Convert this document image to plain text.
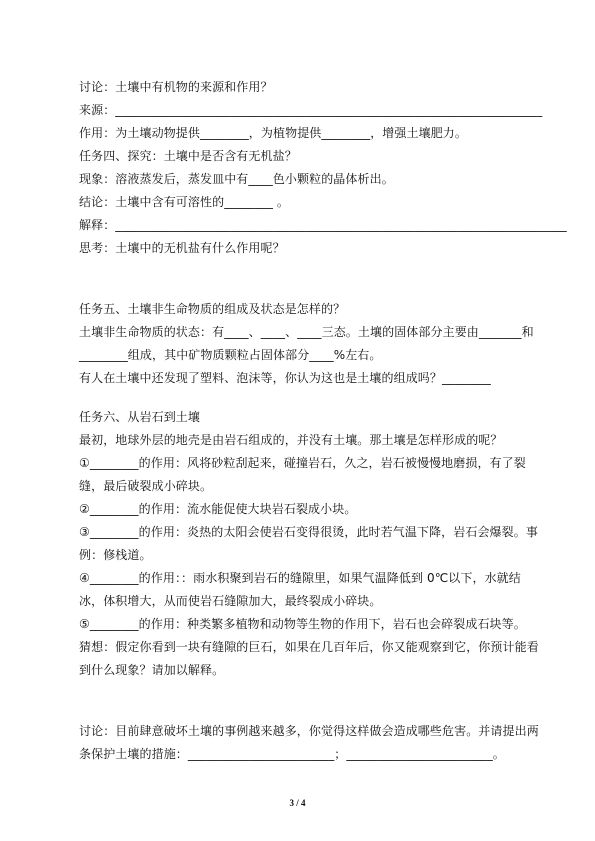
讨论：土壤中有机物的来源和作用？
来源：______________________________________________________________________
作用：为土壤动物提供________，为植物提供________，增强土壤肥力。
任务四、探究：土壤中是否含有无机盐？
现象：溶液蒸发后，蒸发皿中有____色小颗粒的晶体析出。
结论：土壤中含有可溶性的________ 。
解释：__________________________________________________________________________
思考：土壤中的无机盐有什么作用呢？
任务五、土壤非生命物质的组成及状态是怎样的？
土壤非生命物质的状态：有____、____、____三态。土壤的固体部分主要由_______和
________组成，其中矿物质颗粒占固体部分____%左右。
有人在土壤中还发现了塑料、泡沫等，你认为这也是土壤的组成吗？________
任务六、从岩石到土壤
最初，地球外层的地壳是由岩石组成的，并没有土壤。那土壤是怎样形成的呢？
①________的作用：风将砂粒刮起来，碰撞岩石，久之，岩石被慢慢地磨损，有了裂
缝，最后破裂成小碎块。
②________的作用：流水能促使大块岩石裂成小块。
③________的作用：炎热的太阳会使岩石变得很烫，此时若气温下降，岩石会爆裂。事
例：修栈道。
④________的作用：：雨水积聚到岩石的缝隙里，如果气温降低到 0℃以下，水就结
冰，体积增大，从而使岩石缝隙加大，最终裂成小碎块。
⑤________的作用：种类繁多植物和动物等生物的作用下，岩石也会碎裂成石块等。
猜想：假定你看到一块有缝隙的巨石，如果在几百年后，你又能观察到它，你预计能看
到什么现象？请加以解释。
讨论：目前肆意破坏土壤的事例越来越多，你觉得这样做会造成哪些危害。并请提出两
条保护土壤的措施：________________________；________________________。
3 / 4
